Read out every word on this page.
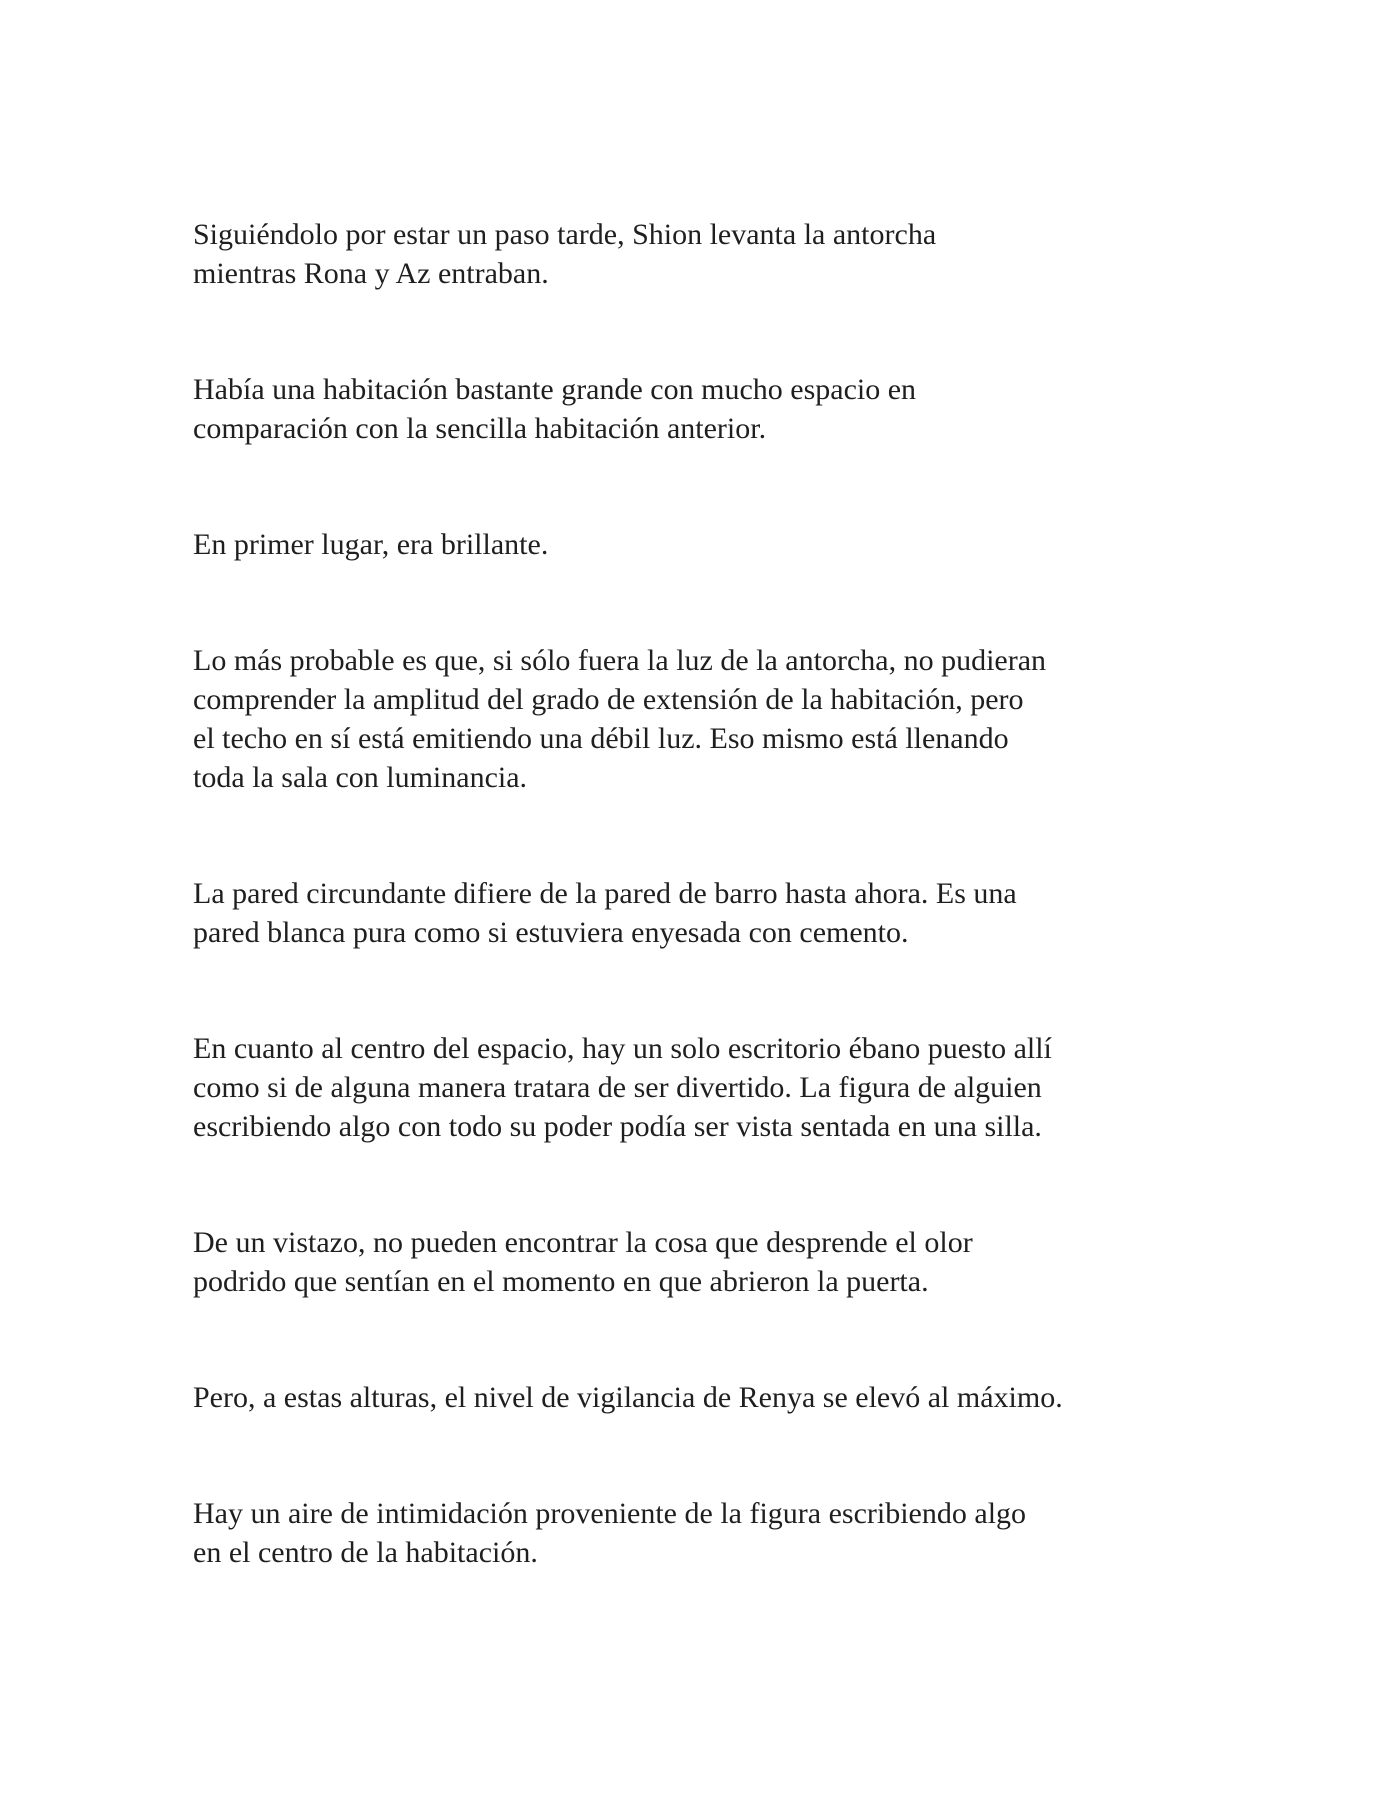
Siguiéndolo por estar un paso tarde, Shion levanta la antorcha
mientras Rona y Az entraban.

Había una habitación bastante grande con mucho espacio en
comparación con la sencilla habitación anterior.

En primer lugar, era brillante.

Lo más probable es que, si sólo fuera la luz de la antorcha, no pudieran
comprender la amplitud del grado de extensión de la habitación, pero
el techo en sí está emitiendo una débil luz. Eso mismo está llenando
toda la sala con luminancia.

La pared circundante difiere de la pared de barro hasta ahora. Es una
pared blanca pura como si estuviera enyesada con cemento.

En cuanto al centro del espacio, hay un solo escritorio ébano puesto allí
como si de alguna manera tratara de ser divertido. La figura de alguien
escribiendo algo con todo su poder podía ser vista sentada en una silla.

De un vistazo, no pueden encontrar la cosa que desprende el olor
podrido que sentían en el momento en que abrieron la puerta.

Pero, a estas alturas, el nivel de vigilancia de Renya se elevó al máximo.

Hay un aire de intimidación proveniente de la figura escribiendo algo
en el centro de la habitación.
